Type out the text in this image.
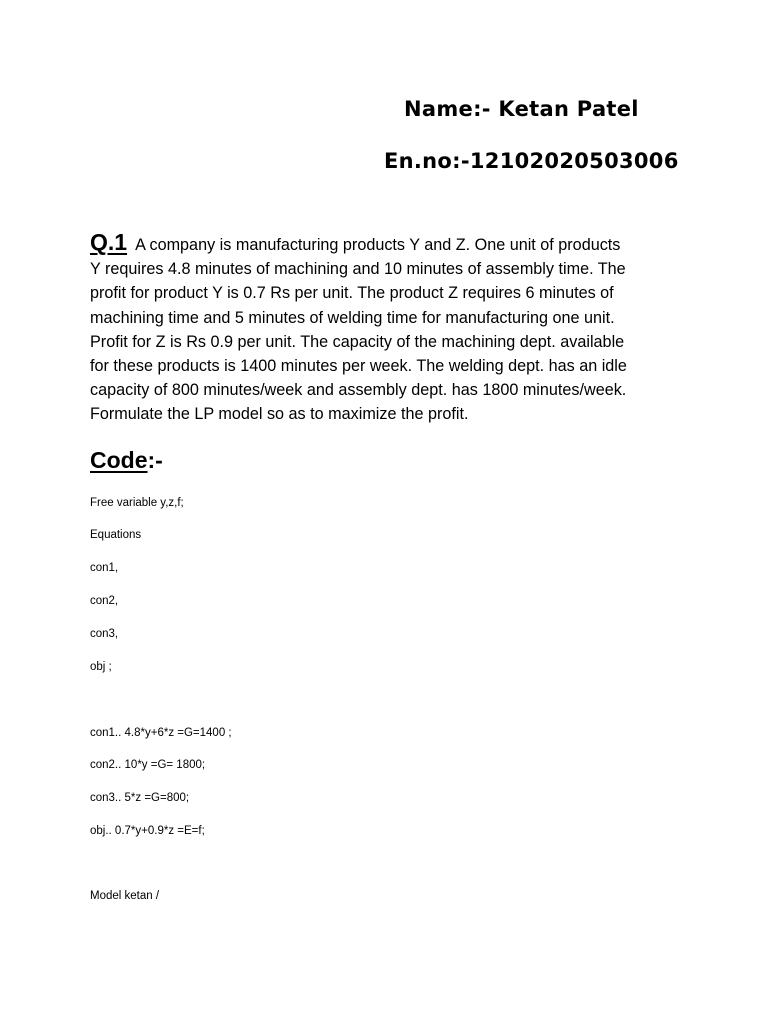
Name:- Ketan Patel
En.no:-12102020503006
Q.1 A company is manufacturing products Y and Z. One unit of products
Y requires 4.8 minutes of machining and 10 minutes of assembly time. The
profit for product Y is 0.7 Rs per unit. The product Z requires 6 minutes of
machining time and 5 minutes of welding time for manufacturing one unit.
Profit for Z is Rs 0.9 per unit. The capacity of the machining dept. available
for these products is 1400 minutes per week. The welding dept. has an idle
capacity of 800 minutes/week and assembly dept. has 1800 minutes/week.
Formulate the LP model so as to maximize the profit.
Code:-
Free variable y,z,f;
Equations
con1,
con2,
con3,
obj ;
con1.. 4.8*y+6*z =G=1400 ;
con2.. 10*y =G= 1800;
con3.. 5*z =G=800;
obj.. 0.7*y+0.9*z =E=f;
Model ketan /
